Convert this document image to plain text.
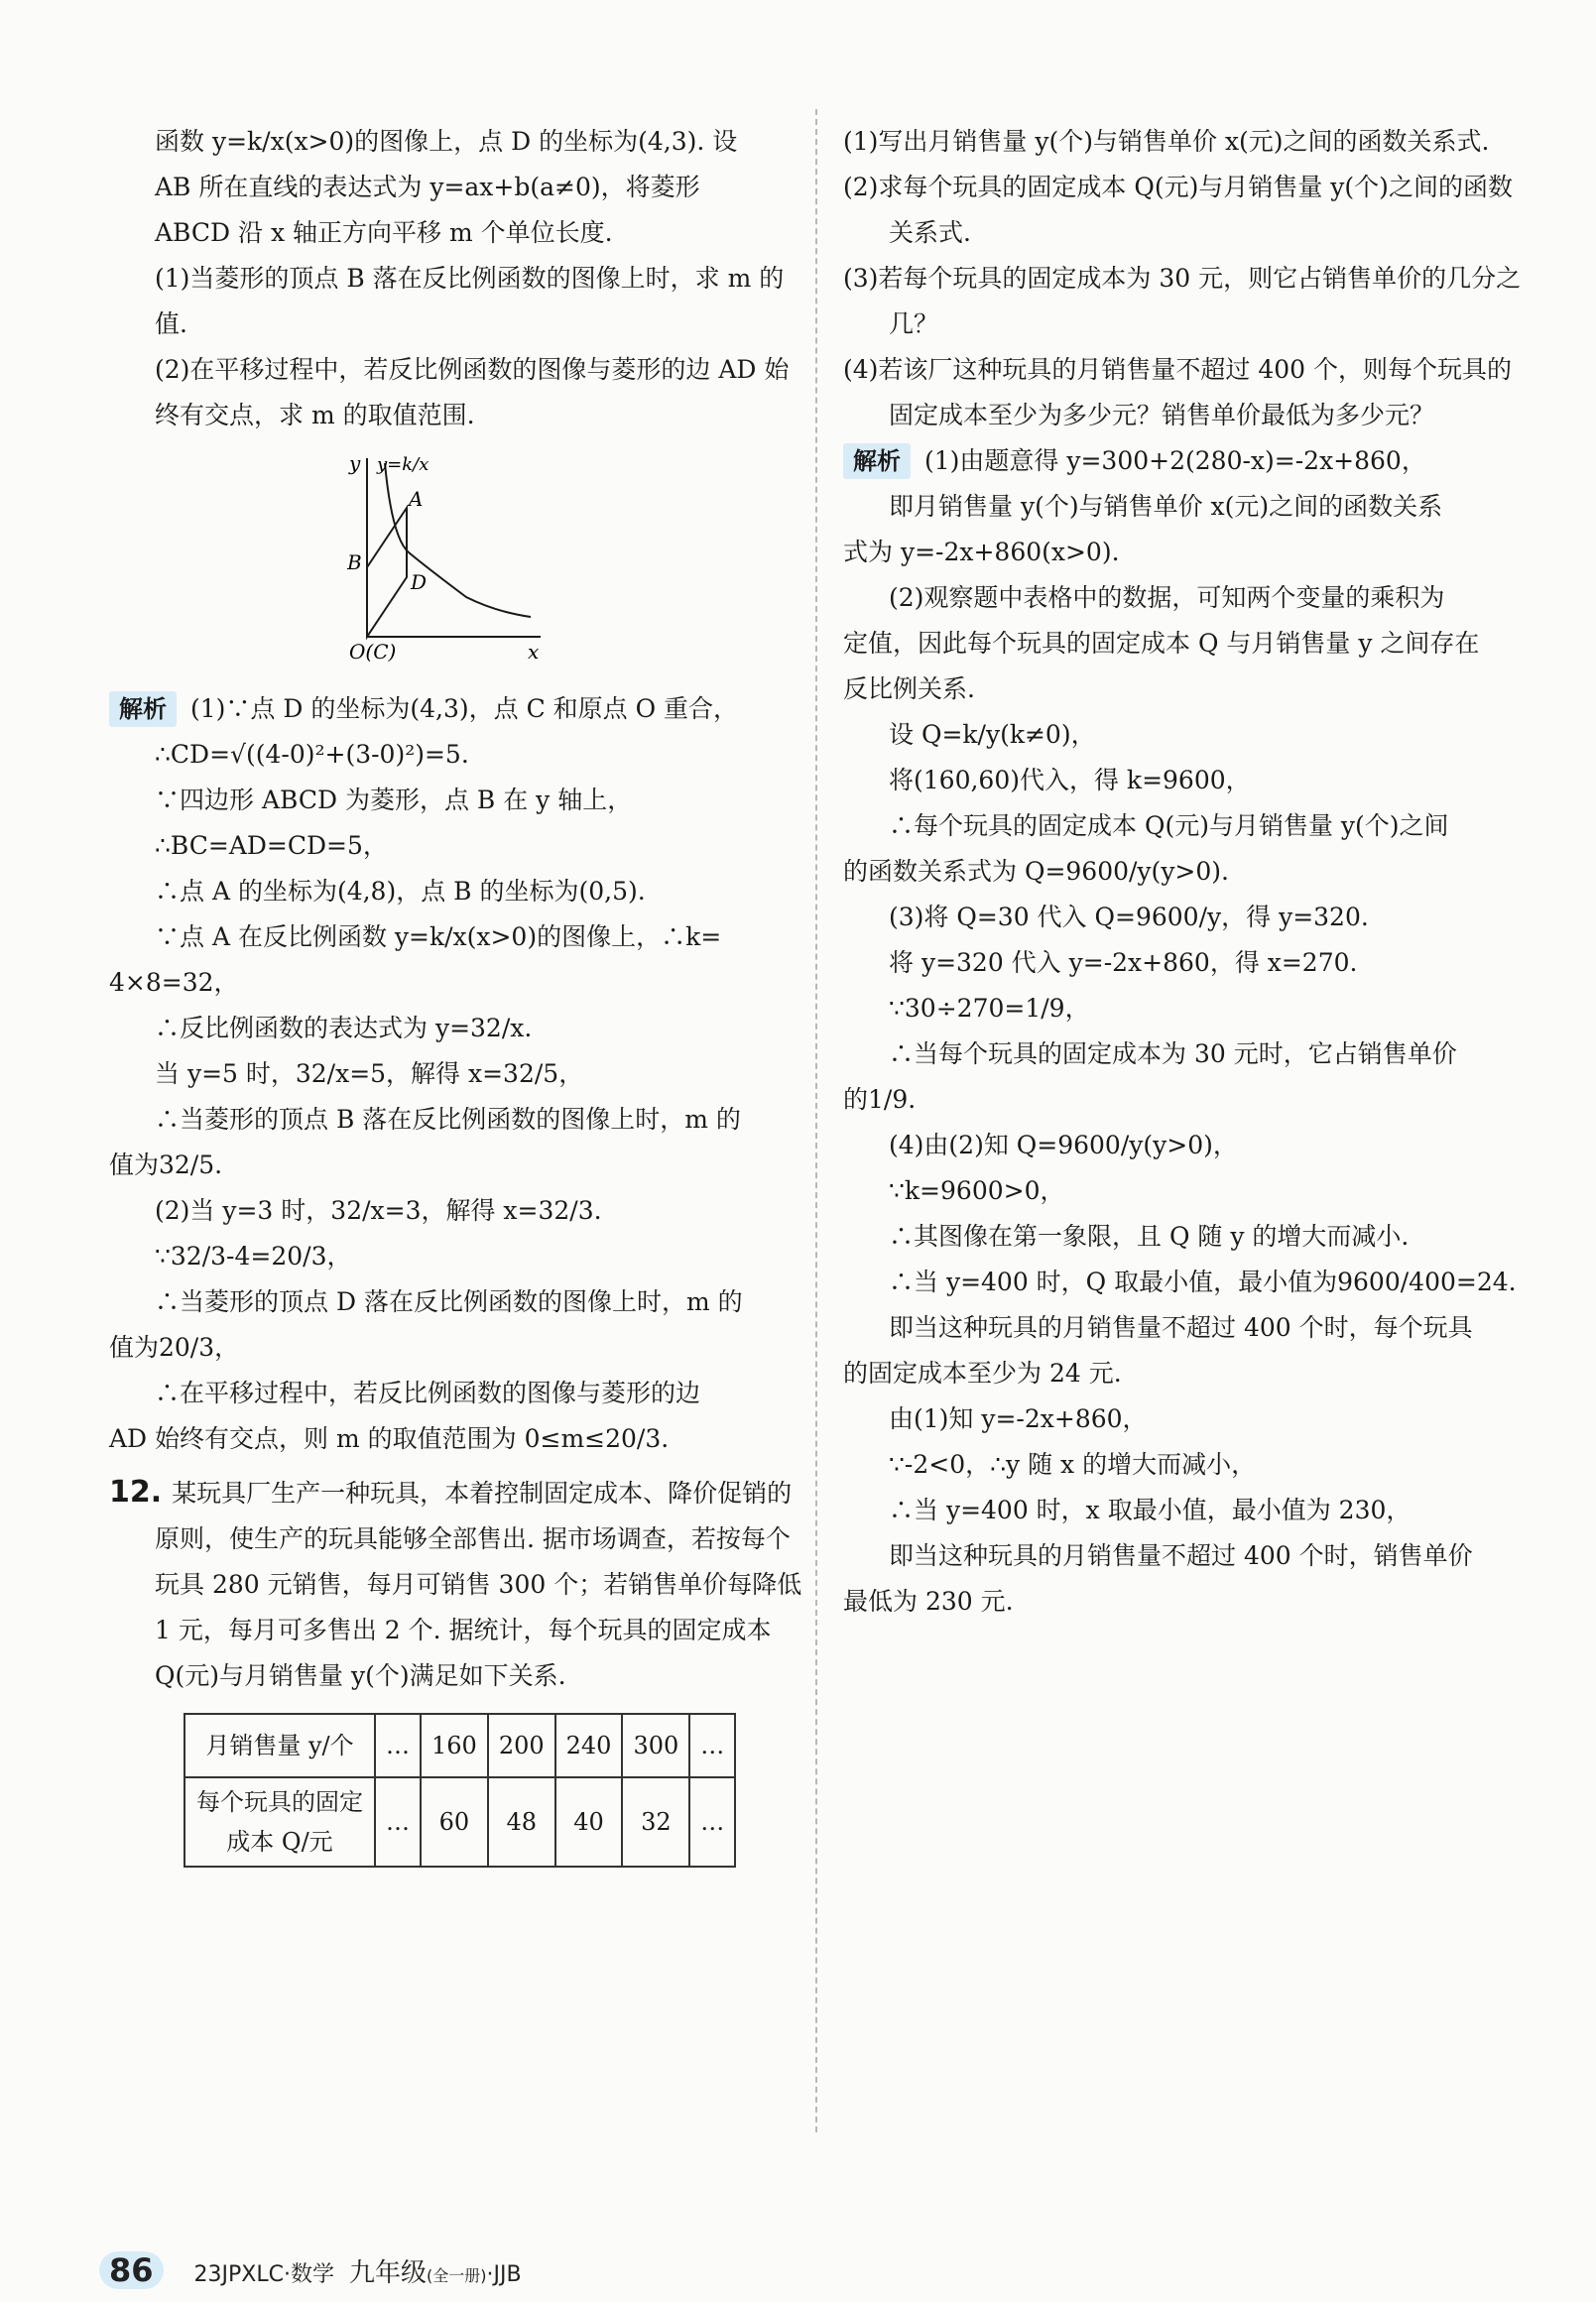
函数 y=k/x(x>0)的图像上，点 D 的坐标为(4,3). 设

AB 所在直线的表达式为 y=ax+b(a≠0)，将菱形

ABCD 沿 x 轴正方向平移 m 个单位长度.

(1)当菱形的顶点 B 落在反比例函数的图像上时，求 m 的值.

(2)在平移过程中，若反比例函数的图像与菱形的边 AD 始终有交点，求 m 的取值范围.

y=k/x
y
x
A
B
D
O(C)

解析 (1)∵点 D 的坐标为(4,3)，点 C 和原点 O 重合，

∴CD=√((4-0)²+(3-0)²)=5.

∵四边形 ABCD 为菱形，点 B 在 y 轴上，

∴BC=AD=CD=5，

∴点 A 的坐标为(4,8)，点 B 的坐标为(0,5).

∵点 A 在反比例函数 y=k/x(x>0)的图像上，∴k=

4×8=32，

∴反比例函数的表达式为 y=32/x.

当 y=5 时，32/x=5，解得 x=32/5，

∴当菱形的顶点 B 落在反比例函数的图像上时，m 的

值为32/5.

(2)当 y=3 时，32/x=3，解得 x=32/3.

∵32/3-4=20/3，

∴当菱形的顶点 D 落在反比例函数的图像上时，m 的

值为20/3，

∴在平移过程中，若反比例函数的图像与菱形的边

AD 始终有交点，则 m 的取值范围为 0≤m≤20/3.

12. 某玩具厂生产一种玩具，本着控制固定成本、降价促销的原则，使生产的玩具能够全部售出. 据市场调查，若按每个玩具 280 元销售，每月可销售 300 个；若销售单价每降低 1 元，每月可多售出 2 个. 据统计，每个玩具的固定成本 Q(元)与月销售量 y(个)满足如下关系.

月销售量 y/个	…	160	200	240	300	…
每个玩具的固定成本 Q/元	…	60	48	40	32	…

(1)写出月销售量 y(个)与销售单价 x(元)之间的函数关系式.

(2)求每个玩具的固定成本 Q(元)与月销售量 y(个)之间的函数关系式.

(3)若每个玩具的固定成本为 30 元，则它占销售单价的几分之几？

(4)若该厂这种玩具的月销售量不超过 400 个，则每个玩具的固定成本至少为多少元？销售单价最低为多少元？

解析 (1)由题意得 y=300+2(280-x)=-2x+860，

即月销售量 y(个)与销售单价 x(元)之间的函数关系

式为 y=-2x+860(x>0).

(2)观察题中表格中的数据，可知两个变量的乘积为

定值，因此每个玩具的固定成本 Q 与月销售量 y 之间存在

反比例关系.

设 Q=k/y(k≠0)，

将(160,60)代入，得 k=9600，

∴每个玩具的固定成本 Q(元)与月销售量 y(个)之间

的函数关系式为 Q=9600/y(y>0).

(3)将 Q=30 代入 Q=9600/y，得 y=320.

将 y=320 代入 y=-2x+860，得 x=270.

∵30÷270=1/9，

∴当每个玩具的固定成本为 30 元时，它占销售单价

的1/9.

(4)由(2)知 Q=9600/y(y>0)，

∵k=9600>0，

∴其图像在第一象限，且 Q 随 y 的增大而减小.

∴当 y=400 时，Q 取最小值，最小值为9600/400=24.

即当这种玩具的月销售量不超过 400 个时，每个玩具

的固定成本至少为 24 元.

由(1)知 y=-2x+860，

∵-2<0，∴y 随 x 的增大而减小，

∴当 y=400 时，x 取最小值，最小值为 230，

即当这种玩具的月销售量不超过 400 个时，销售单价

最低为 230 元.

86 23JPXLC·数学 九年级(全一册)·JJB
